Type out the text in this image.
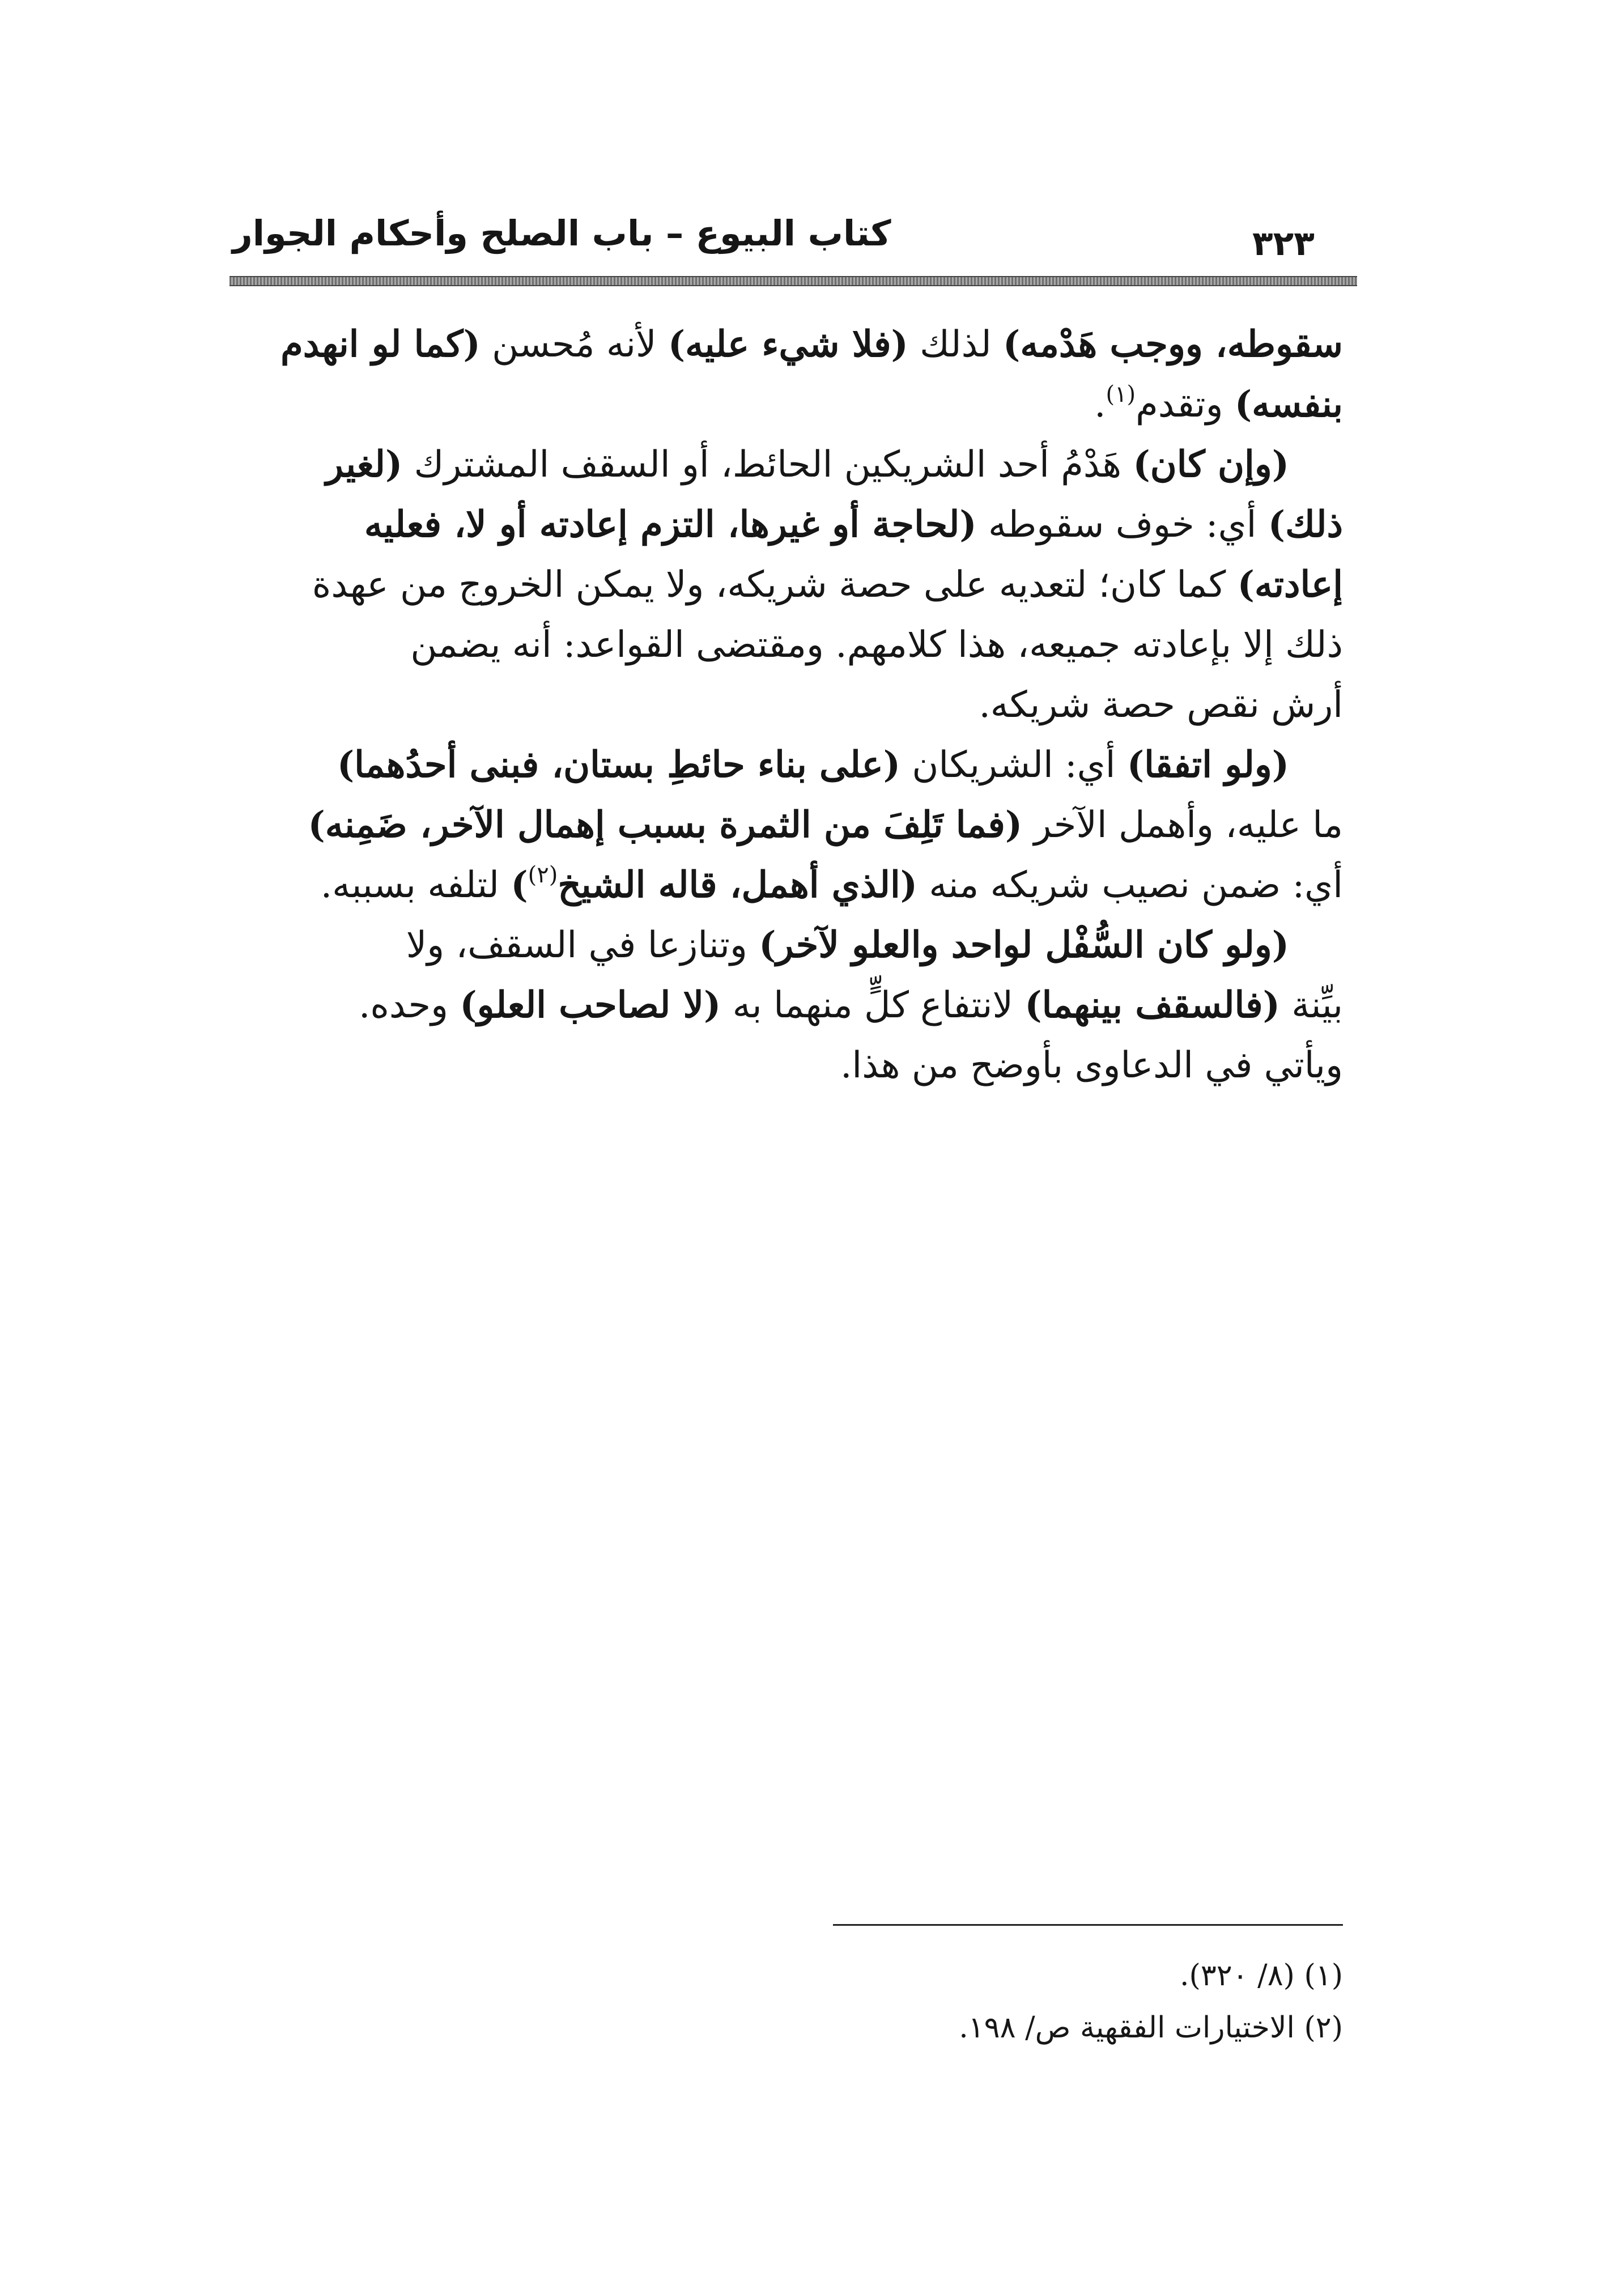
كتاب البيوع – باب الصلح وأحكام الجوار	٣٢٣

سقوطه، ووجب هَدْمه) لذلك (فلا شيء عليه) لأنه مُحسن (كما لو انهدم
بنفسه) وتقدم$^{(١)}$.

(وإن كان) هَدْمُ أحد الشريكين الحائط، أو السقف المشترك (لغير
ذلك) أي: خوف سقوطه (لحاجة أو غيرها، التزم إعادته أو لا، فعليه
إعادته) كما كان؛ لتعديه على حصة شريكه، ولا يمكن الخروج من عهدة
ذلك إلا بإعادته جميعه، هذا كلامهم. ومقتضى القواعد: أنه يضمن
أرش نقص حصة شريكه.

(ولو اتفقا) أي: الشريكان (على بناء حائطِ بستان، فبنى أحدُهما)
ما عليه، وأهمل الآخر (فما تَلِفَ من الثمرة بسبب إهمال الآخر، ضَمِنه)
أي: ضمن نصيب شريكه منه (الذي أهمل، قاله الشيخ$^{(٢)}$) لتلفه بسببه.

(ولو كان السُّفْل لواحد والعلو لآخر) وتنازعا في السقف، ولا
بيِّنة (فالسقف بينهما) لانتفاع كلٍّ منهما به (لا لصاحب العلو) وحده.
ويأتي في الدعاوى بأوضح من هذا.

(١) (٨/ ٣٢٠).
(٢) الاختيارات الفقهية ص/ ١٩٨.
